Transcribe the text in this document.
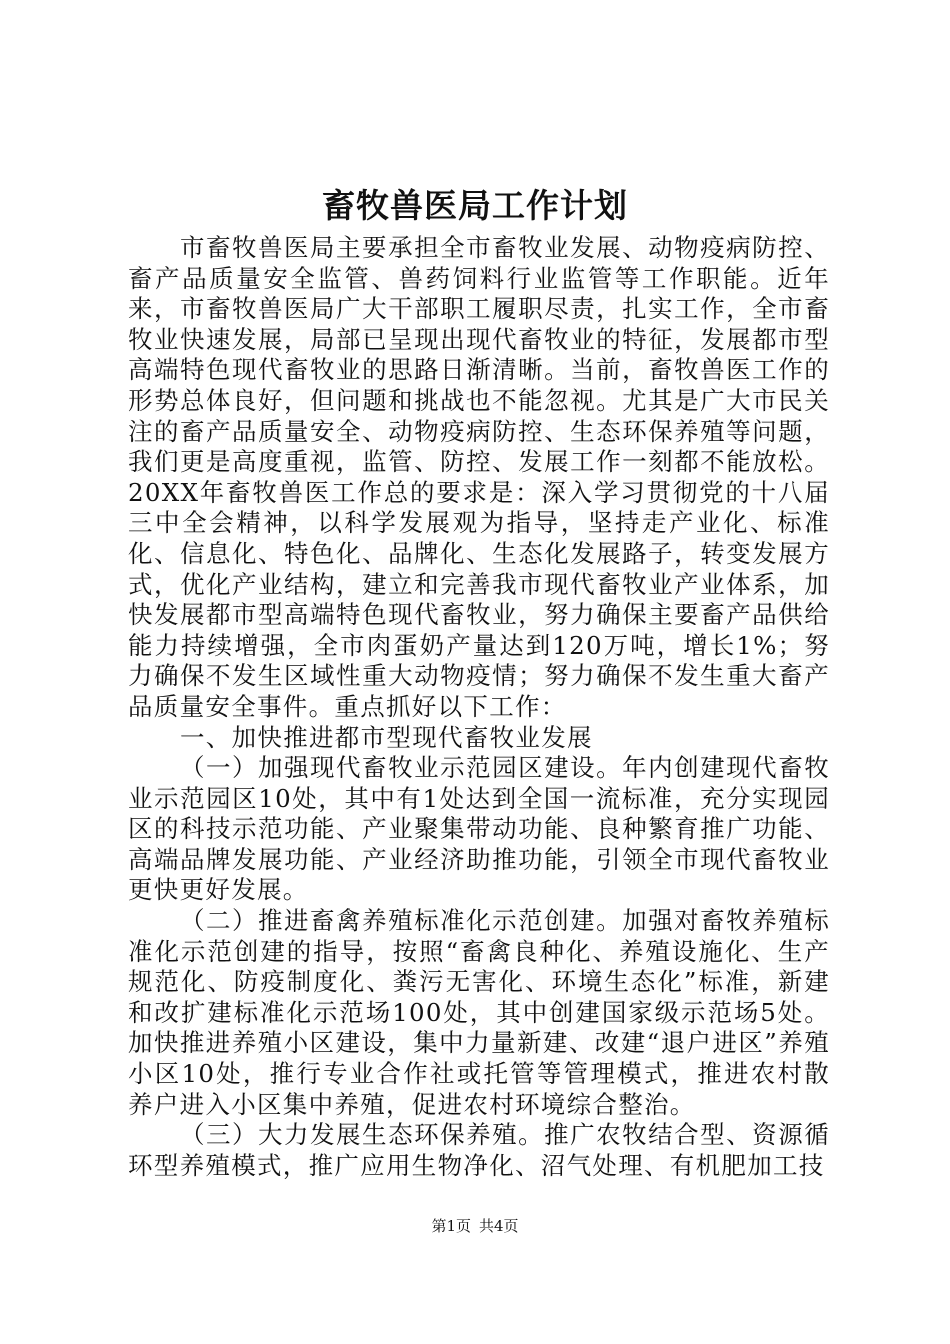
畜牧兽医局工作计划

市畜牧兽医局主要承担全市畜牧业发展、动物疫病防控、畜产品质量安全监管、兽药饲料行业监管等工作职能。近年来，市畜牧兽医局广大干部职工履职尽责，扎实工作，全市畜牧业快速发展，局部已呈现出现代畜牧业的特征，发展都市型高端特色现代畜牧业的思路日渐清晰。当前，畜牧兽医工作的形势总体良好，但问题和挑战也不能忽视。尤其是广大市民关注的畜产品质量安全、动物疫病防控、生态环保养殖等问题，我们更是高度重视，监管、防控、发展工作一刻都不能放松。20XX年畜牧兽医工作总的要求是：深入学习贯彻党的十八届三中全会精神，以科学发展观为指导，坚持走产业化、标准化、信息化、特色化、品牌化、生态化发展路子，转变发展方式，优化产业结构，建立和完善我市现代畜牧业产业体系，加快发展都市型高端特色现代畜牧业，努力确保主要畜产品供给能力持续增强，全市肉蛋奶产量达到120万吨，增长1%；努力确保不发生区域性重大动物疫情；努力确保不发生重大畜产品质量安全事件。重点抓好以下工作：

一、加快推进都市型现代畜牧业发展

（一）加强现代畜牧业示范园区建设。年内创建现代畜牧业示范园区10处，其中有1处达到全国一流标准，充分实现园区的科技示范功能、产业聚集带动功能、良种繁育推广功能、高端品牌发展功能、产业经济助推功能，引领全市现代畜牧业更快更好发展。

（二）推进畜禽养殖标准化示范创建。加强对畜牧养殖标准化示范创建的指导，按照“畜禽良种化、养殖设施化、生产规范化、防疫制度化、粪污无害化、环境生态化”标准，新建和改扩建标准化示范场100处，其中创建国家级示范场5处。加快推进养殖小区建设，集中力量新建、改建“退户进区”养殖小区10处，推行专业合作社或托管等管理模式，推进农村散养户进入小区集中养殖，促进农村环境综合整治。

（三）大力发展生态环保养殖。推广农牧结合型、资源循环型养殖模式，推广应用生物净化、沼气处理、有机肥加工技

第1页 共4页
